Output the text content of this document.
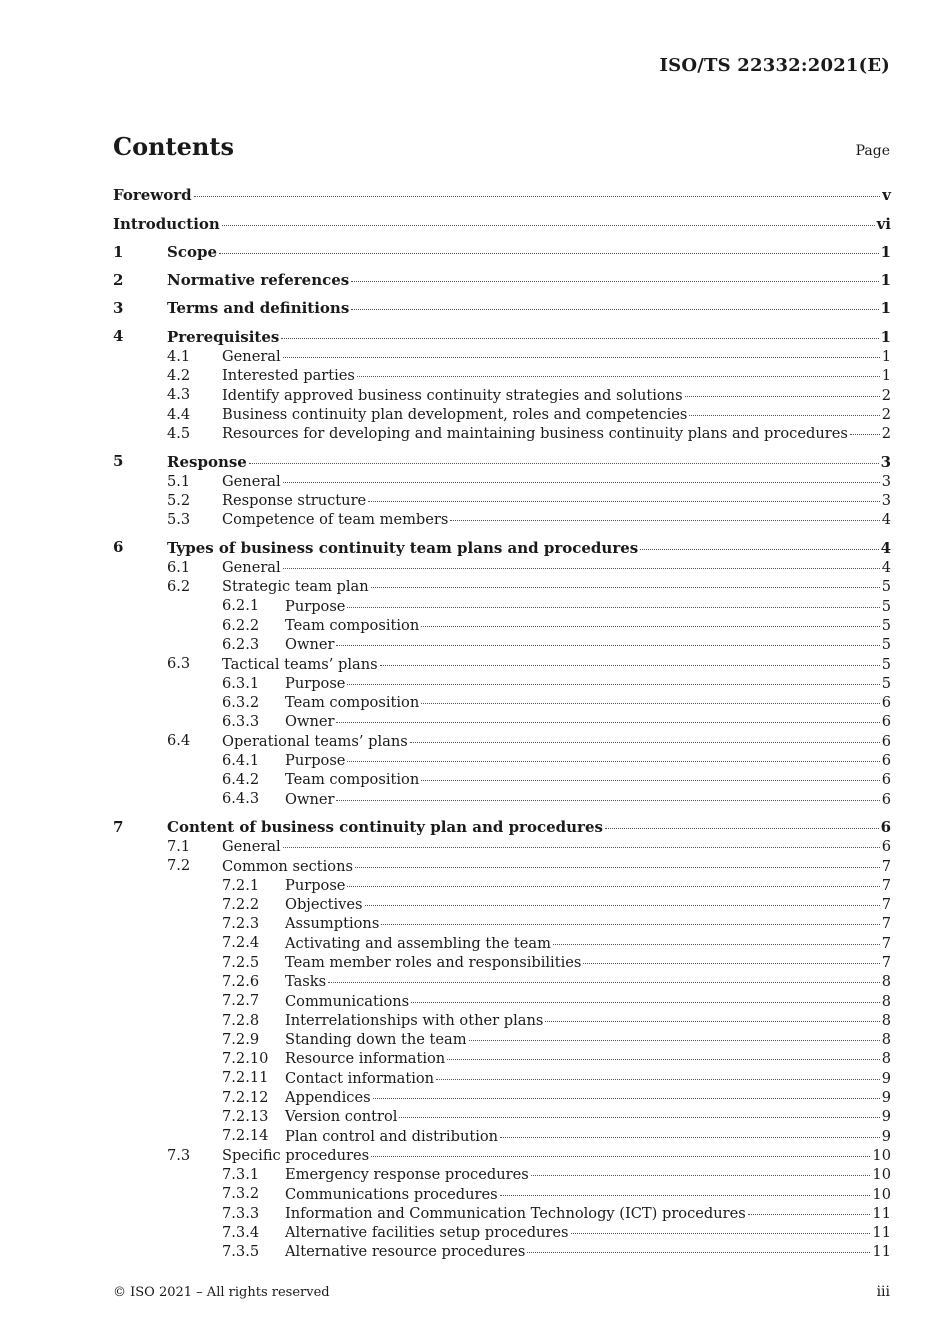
ISO/TS 22332:2021(E)
Contents	Page
Foreword	v
Introduction	vi
1	Scope	1
2	Normative references	1
3	Terms and definitions	1
4	Prerequisites	1
4.1 General	1
4.2 Interested parties	1
4.3 Identify approved business continuity strategies and solutions	2
4.4 Business continuity plan development, roles and competencies	2
4.5 Resources for developing and maintaining business continuity plans and procedures 2
5	Response	3
5.1 General	3
5.2 Response structure	3
5.3 Competence of team members	4
6	Types of business continuity team plans and procedures	4
6.1 General	4
6.2 Strategic team plan	5
6.2.1 Purpose	5
6.2.2 Team composition	5
6.2.3 Owner	5
6.3 Tactical teams’ plans	5
6.3.1 Purpose	5
6.3.2 Team composition	6
6.3.3 Owner	6
6.4 Operational teams’ plans	6
6.4.1 Purpose	6
6.4.2 Team composition	6
6.4.3 Owner	6
7	Content of business continuity plan and procedures	6
7.1 General	6
7.2 Common sections	7
7.2.1 Purpose	7
7.2.2 Objectives	7
7.2.3 Assumptions	7
7.2.4 Activating and assembling the team	7
7.2.5 Team member roles and responsibilities	7
7.2.6 Tasks	8
7.2.7 Communications	8
7.2.8 Interrelationships with other plans	8
7.2.9 Standing down the team	8
7.2.10 Resource information	8
7.2.11 Contact information	9
7.2.12 Appendices	9
7.2.13 Version control	9
7.2.14 Plan control and distribution	9
7.3 Specific procedures	10
7.3.1 Emergency response procedures	10
7.3.2 Communications procedures	10
7.3.3 Information and Communication Technology (ICT) procedures	11
7.3.4 Alternative facilities setup procedures	11
7.3.5 Alternative resource procedures	11
© ISO 2021 – All rights reserved	iii
